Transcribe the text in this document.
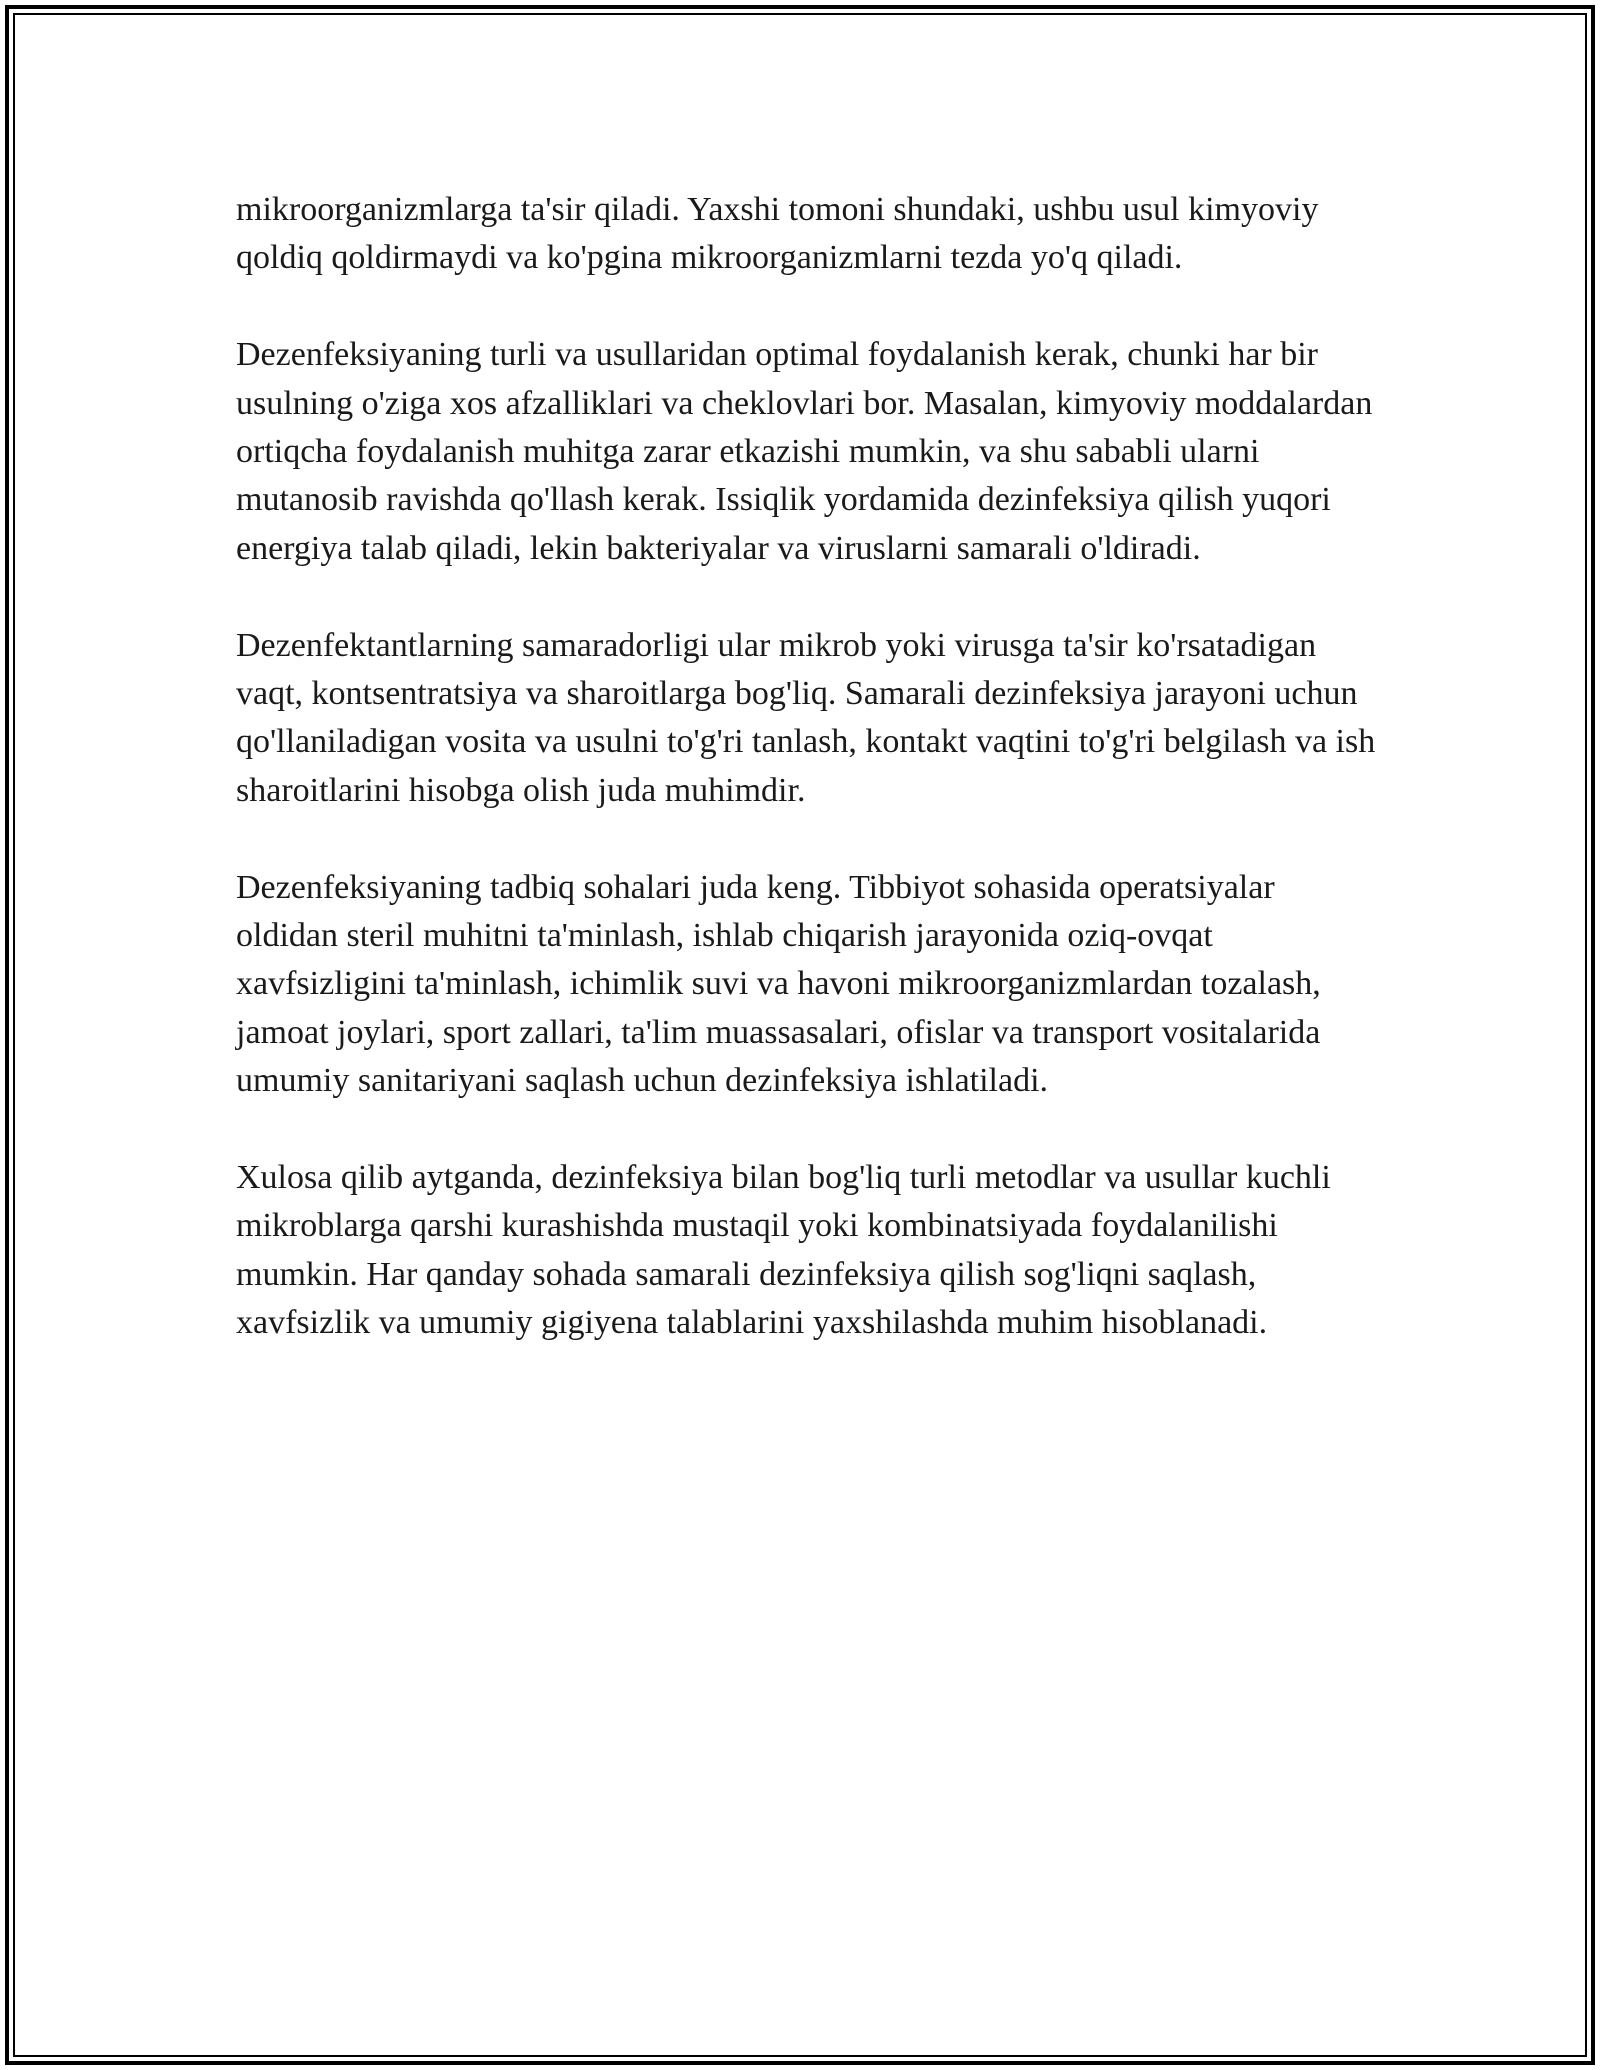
mikroorganizmlarga ta'sir qiladi. Yaxshi tomoni shundaki, ushbu usul kimyoviy qoldiq qoldirmaydi va ko'pgina mikroorganizmlarni tezda yo'q qiladi.

Dezenfeksiyaning turli va usullaridan optimal foydalanish kerak, chunki har bir usulning o'ziga xos afzalliklari va cheklovlari bor. Masalan, kimyoviy moddalardan ortiqcha foydalanish muhitga zarar etkazishi mumkin, va shu sababli ularni mutanosib ravishda qo'llash kerak. Issiqlik yordamida dezinfeksiya qilish yuqori energiya talab qiladi, lekin bakteriyalar va viruslarni samarali o'ldiradi.

Dezenfektantlarning samaradorligi ular mikrob yoki virusga ta'sir ko'rsatadigan vaqt, kontsentratsiya va sharoitlarga bog'liq. Samarali dezinfeksiya jarayoni uchun qo'llaniladigan vosita va usulni to'g'ri tanlash, kontakt vaqtini to'g'ri belgilash va ish sharoitlarini hisobga olish juda muhimdir.

Dezenfeksiyaning tadbiq sohalari juda keng. Tibbiyot sohasida operatsiyalar oldidan steril muhitni ta'minlash, ishlab chiqarish jarayonida oziq-ovqat xavfsizligini ta'minlash, ichimlik suvi va havoni mikroorganizmlardan tozalash, jamoat joylari, sport zallari, ta'lim muassasalari, ofislar va transport vositalarida umumiy sanitariyani saqlash uchun dezinfeksiya ishlatiladi.

Xulosa qilib aytganda, dezinfeksiya bilan bog'liq turli metodlar va usullar kuchli mikroblarga qarshi kurashishda mustaqil yoki kombinatsiyada foydalanilishi mumkin. Har qanday sohada samarali dezinfeksiya qilish sog'liqni saqlash, xavfsizlik va umumiy gigiyena talablarini yaxshilashda muhim hisoblanadi.
